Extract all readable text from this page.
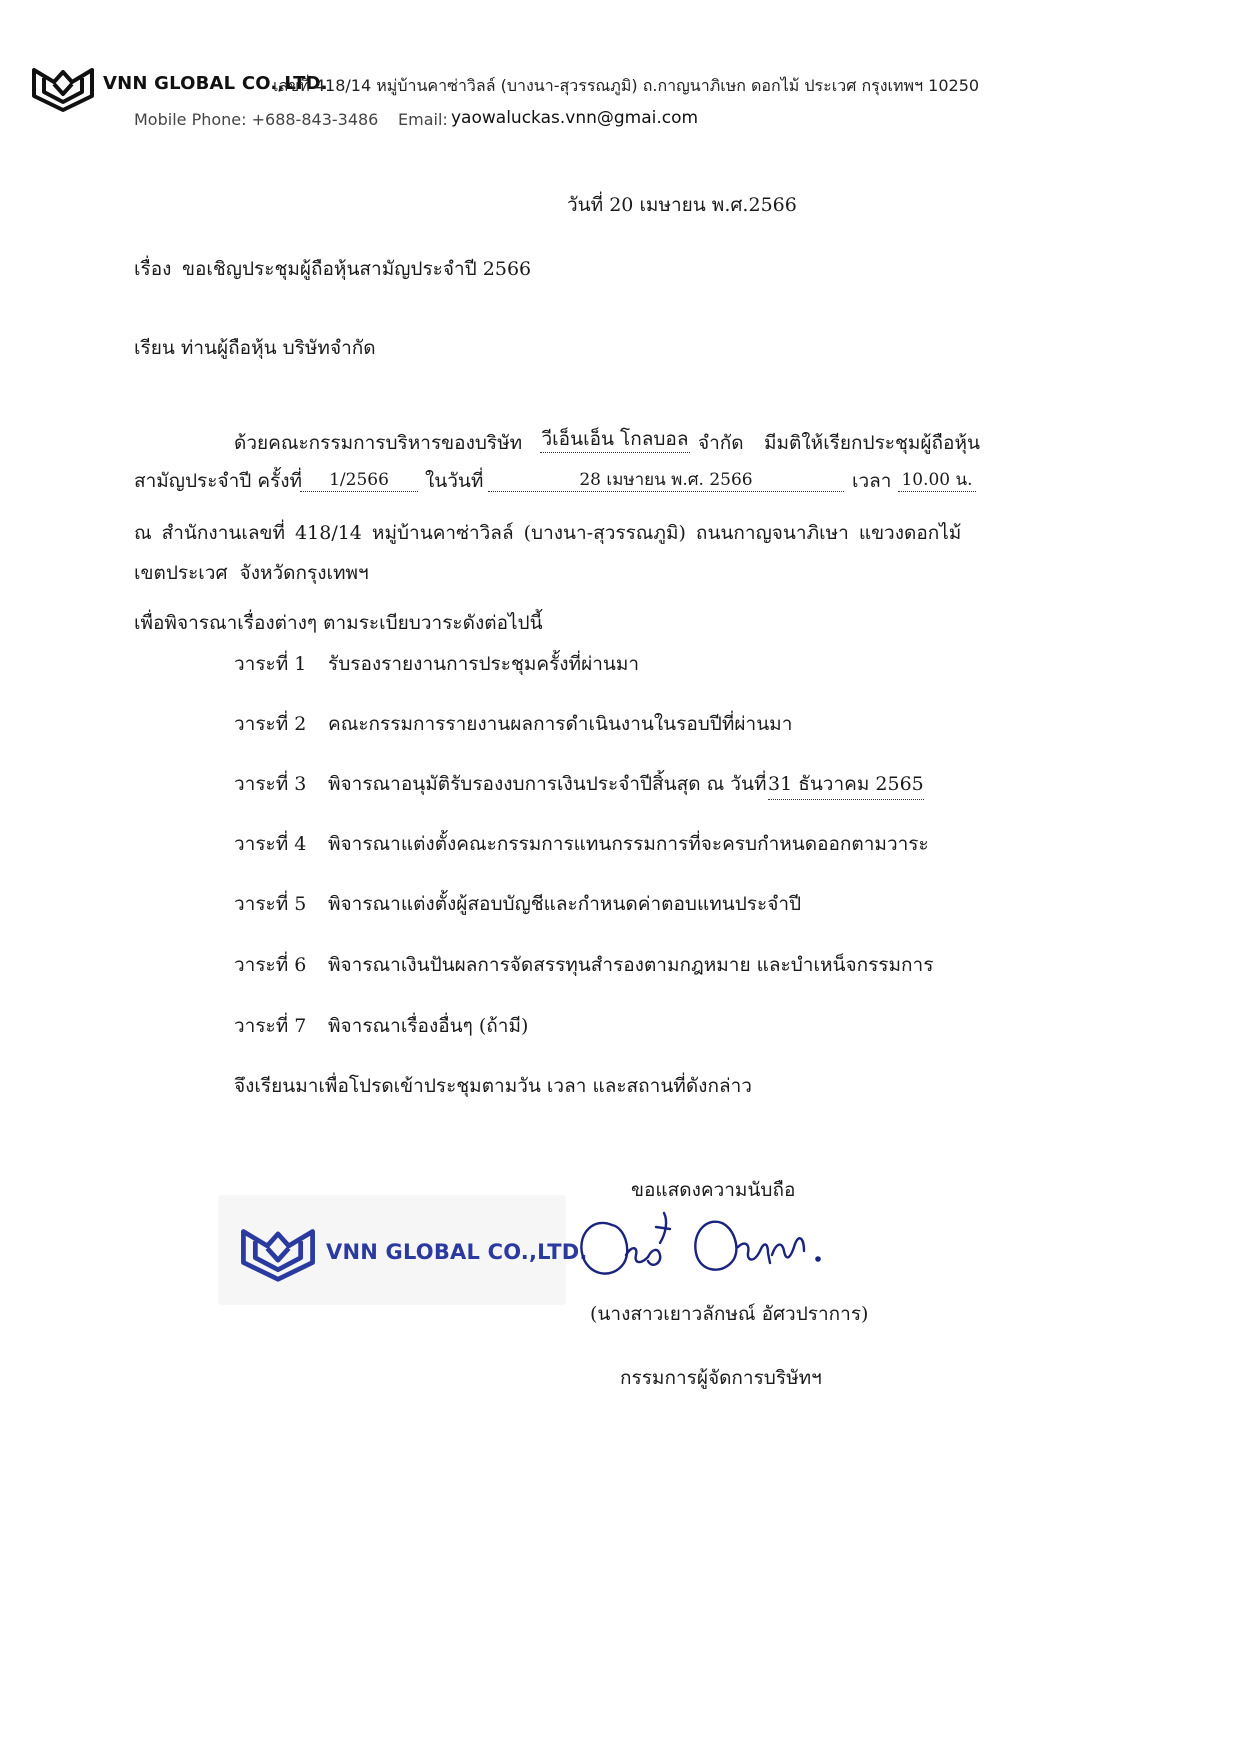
VNN GLOBAL CO.,LTD.
เลขที่ 418/14 หมู่บ้านคาซ่าวิลล์ (บางนา-สุวรรณภูมิ) ถ.กาญนาภิเษก ดอกไม้ ประเวศ กรุงเทพฯ 10250
Mobile Phone: +688-843-3486 Email: yaowaluckas.vnn@gmai.com
วันที่ 20 เมษายน พ.ศ.2566
เรื่อง ขอเชิญประชุมผู้ถือหุ้นสามัญประจำปี 2566
เรียน ท่านผู้ถือหุ้น บริษัทจำกัด
ด้วยคณะกรรมการบริหารของบริษัท วีเอ็นเอ็น โกลบอล จำกัด มีมติให้เรียกประชุมผู้ถือหุ้น
สามัญประจำปี ครั้งที่	1/2566	ในวันที่	28 เมษายน พ.ศ. 2566	เวลา 10.00 น.
ณ สำนักงานเลขที่ 418/14 หมู่บ้านคาซ่าวิลล์ (บางนา-สุวรรณภูมิ) ถนนกาญจนาภิเษา แขวงดอกไม้
เขตประเวศ จังหวัดกรุงเทพฯ
เพื่อพิจารณาเรื่องต่างๆ ตามระเบียบวาระดังต่อไปนี้
วาระที่ 1 รับรองรายงานการประชุมครั้งที่ผ่านมา
วาระที่ 2 คณะกรรมการรายงานผลการดำเนินงานในรอบปีที่ผ่านมา
วาระที่ 3 พิจารณาอนุมัติรับรองงบการเงินประจำปีสิ้นสุด ณ วันที่ 31 ธันวาคม 2565
วาระที่ 4 พิจารณาแต่งตั้งคณะกรรมการแทนกรรมการที่จะครบกำหนดออกตามวาระ
วาระที่ 5 พิจารณาแต่งตั้งผู้สอบบัญชีและกำหนดค่าตอบแทนประจำปี
วาระที่ 6 พิจารณาเงินปันผลการจัดสรรทุนสำรองตามกฎหมาย และบำเหน็จกรรมการ
วาระที่ 7 พิจารณาเรื่องอื่นๆ (ถ้ามี)
จึงเรียนมาเพื่อโปรดเข้าประชุมตามวัน เวลา และสถานที่ดังกล่าว
ขอแสดงความนับถือ
VNN GLOBAL CO.,LTD.
(นางสาวเยาวลักษณ์ อัศวปราการ)
กรรมการผู้จัดการบริษัทฯ
